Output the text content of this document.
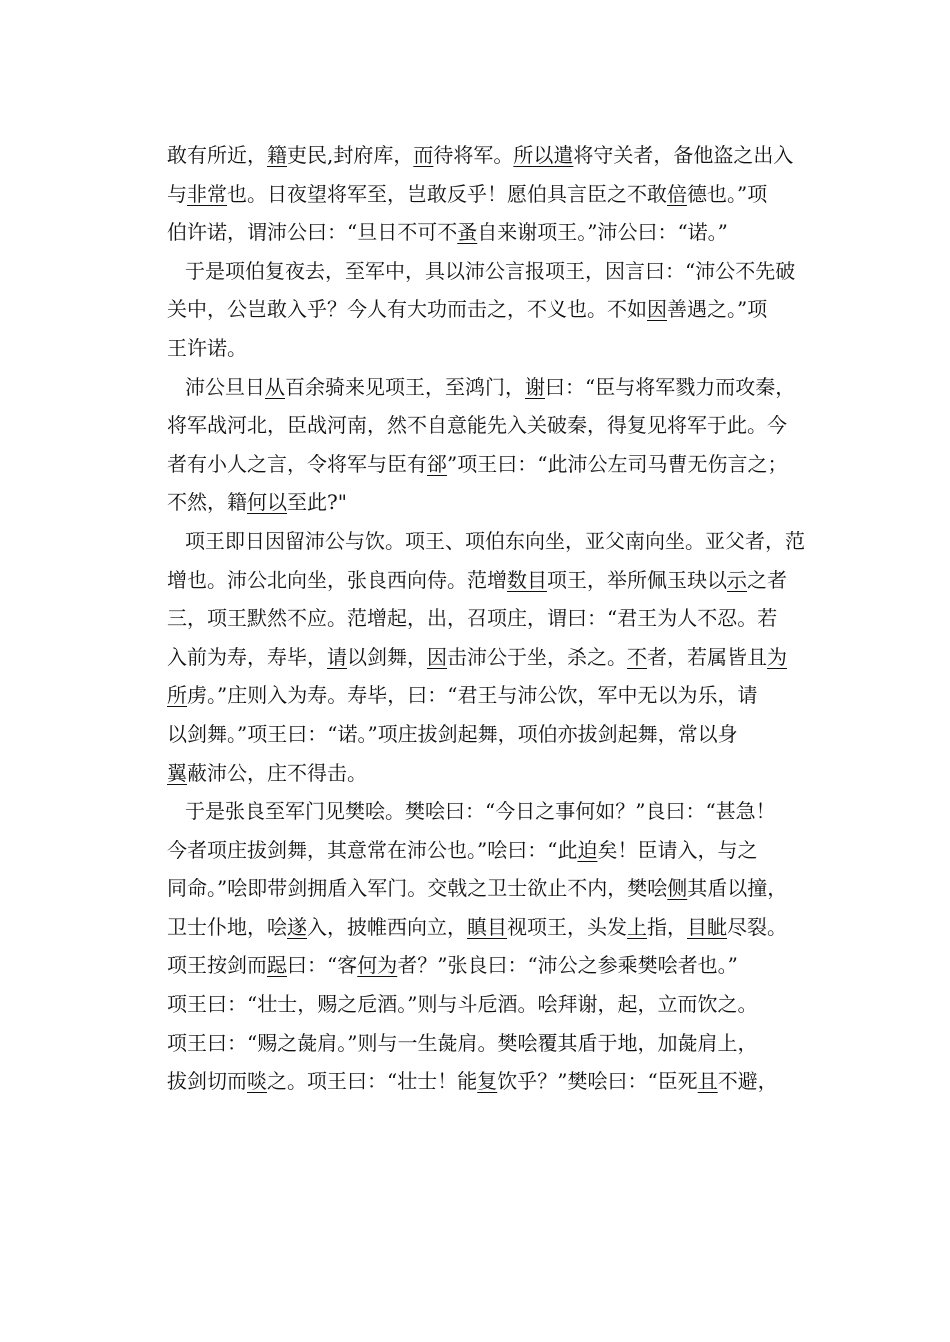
敢有所近，籍吏民,封府库，而待将军。所以遣将守关者，备他盗之出入
与非常也。日夜望将军至，岂敢反乎！愿伯具言臣之不敢倍德也。”项
伯许诺，谓沛公曰：“旦日不可不蚤自来谢项王。”沛公曰：“诺。”
于是项伯复夜去，至军中，具以沛公言报项王，因言曰：“沛公不先破
关中，公岂敢入乎？今人有大功而击之，不义也。不如因善遇之。”项
王许诺。
沛公旦日从百余骑来见项王，至鸿门，谢曰：“臣与将军戮力而攻秦，
将军战河北，臣战河南，然不自意能先入关破秦，得复见将军于此。今
者有小人之言，令将军与臣有郤”项王曰：“此沛公左司马曹无伤言之；
不然，籍何以至此?"
项王即日因留沛公与饮。项王、项伯东向坐，亚父南向坐。亚父者，范
增也。沛公北向坐，张良西向侍。范增数目项王，举所佩玉玦以示之者
三，项王默然不应。范增起，出，召项庄，谓曰：“君王为人不忍。若
入前为寿，寿毕，请以剑舞，因击沛公于坐，杀之。不者，若属皆且为
所虏。”庄则入为寿。寿毕，曰：“君王与沛公饮，军中无以为乐，请
以剑舞。”项王曰：“诺。”项庄拔剑起舞，项伯亦拔剑起舞，常以身
翼蔽沛公，庄不得击。
于是张良至军门见樊哙。樊哙曰：“今日之事何如？”良曰：“甚急！
今者项庄拔剑舞，其意常在沛公也。”哙曰：“此迫矣！臣请入，与之
同命。”哙即带剑拥盾入军门。交戟之卫士欲止不内，樊哙侧其盾以撞，
卫士仆地，哙遂入，披帷西向立，瞋目视项王，头发上指，目眦尽裂。
项王按剑而跽曰：“客何为者？”张良曰：“沛公之参乘樊哙者也。”
项王曰：“壮士，赐之卮酒。”则与斗卮酒。哙拜谢，起，立而饮之。
项王曰：“赐之彘肩。”则与一生彘肩。樊哙覆其盾于地，加彘肩上，
拔剑切而啖之。项王曰：“壮士！能复饮乎？”樊哙曰：“臣死且不避，
